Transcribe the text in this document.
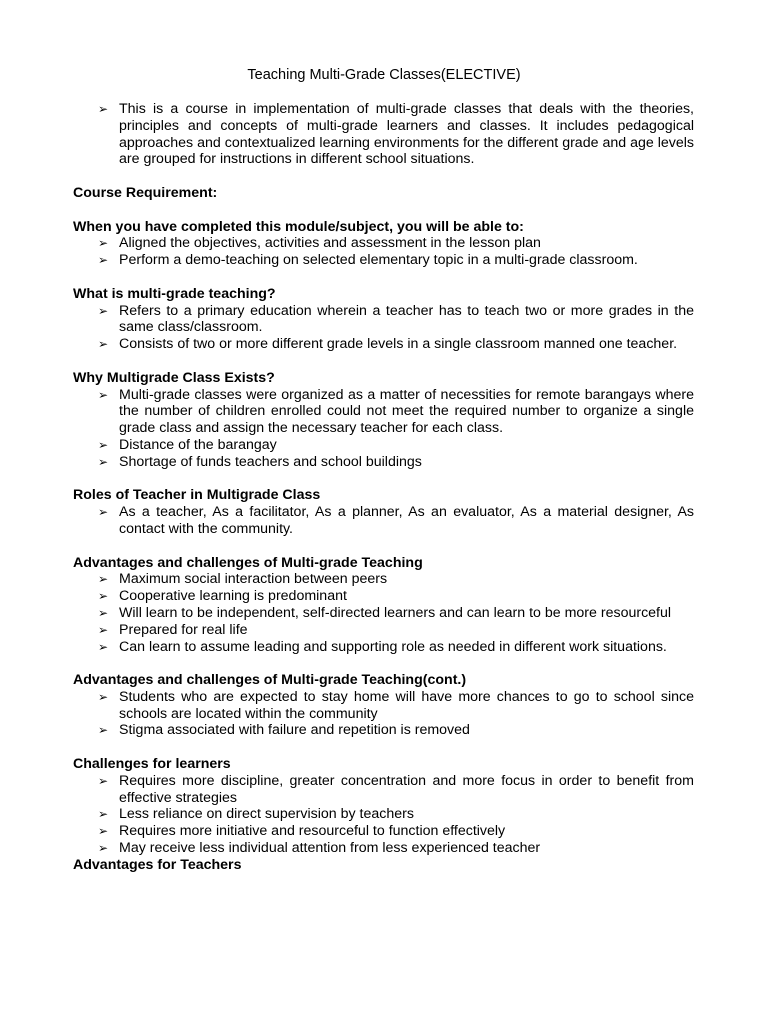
Teaching Multi-Grade Classes(ELECTIVE)
➢ This is a course in implementation of multi-grade classes that deals with the theories, principles and concepts of multi-grade learners and classes. It includes pedagogical approaches and contextualized learning environments for the different grade and age levels are grouped for instructions in different school situations.
Course Requirement:
When you have completed this module/subject, you will be able to:
➢ Aligned the objectives, activities and assessment in the lesson plan
➢ Perform a demo-teaching on selected elementary topic in a multi-grade classroom.
What is multi-grade teaching?
➢ Refers to a primary education wherein a teacher has to teach two or more grades in the same class/classroom.
➢ Consists of two or more different grade levels in a single classroom manned one teacher.
Why Multigrade Class Exists?
➢ Multi-grade classes were organized as a matter of necessities for remote barangays where the number of children enrolled could not meet the required number to organize a single grade class and assign the necessary teacher for each class.
➢ Distance of the barangay
➢ Shortage of funds teachers and school buildings
Roles of Teacher in Multigrade Class
➢ As a teacher, As a facilitator, As a planner, As an evaluator, As a material designer, As contact with the community.
Advantages and challenges of Multi-grade Teaching
➢ Maximum social interaction between peers
➢ Cooperative learning is predominant
➢ Will learn to be independent, self-directed learners and can learn to be more resourceful
➢ Prepared for real life
➢ Can learn to assume leading and supporting role as needed in different work situations.
Advantages and challenges of Multi-grade Teaching(cont.)
➢ Students who are expected to stay home will have more chances to go to school since schools are located within the community
➢ Stigma associated with failure and repetition is removed
Challenges for learners
➢ Requires more discipline, greater concentration and more focus in order to benefit from effective strategies
➢ Less reliance on direct supervision by teachers
➢ Requires more initiative and resourceful to function effectively
➢ May receive less individual attention from less experienced teacher
Advantages for Teachers
